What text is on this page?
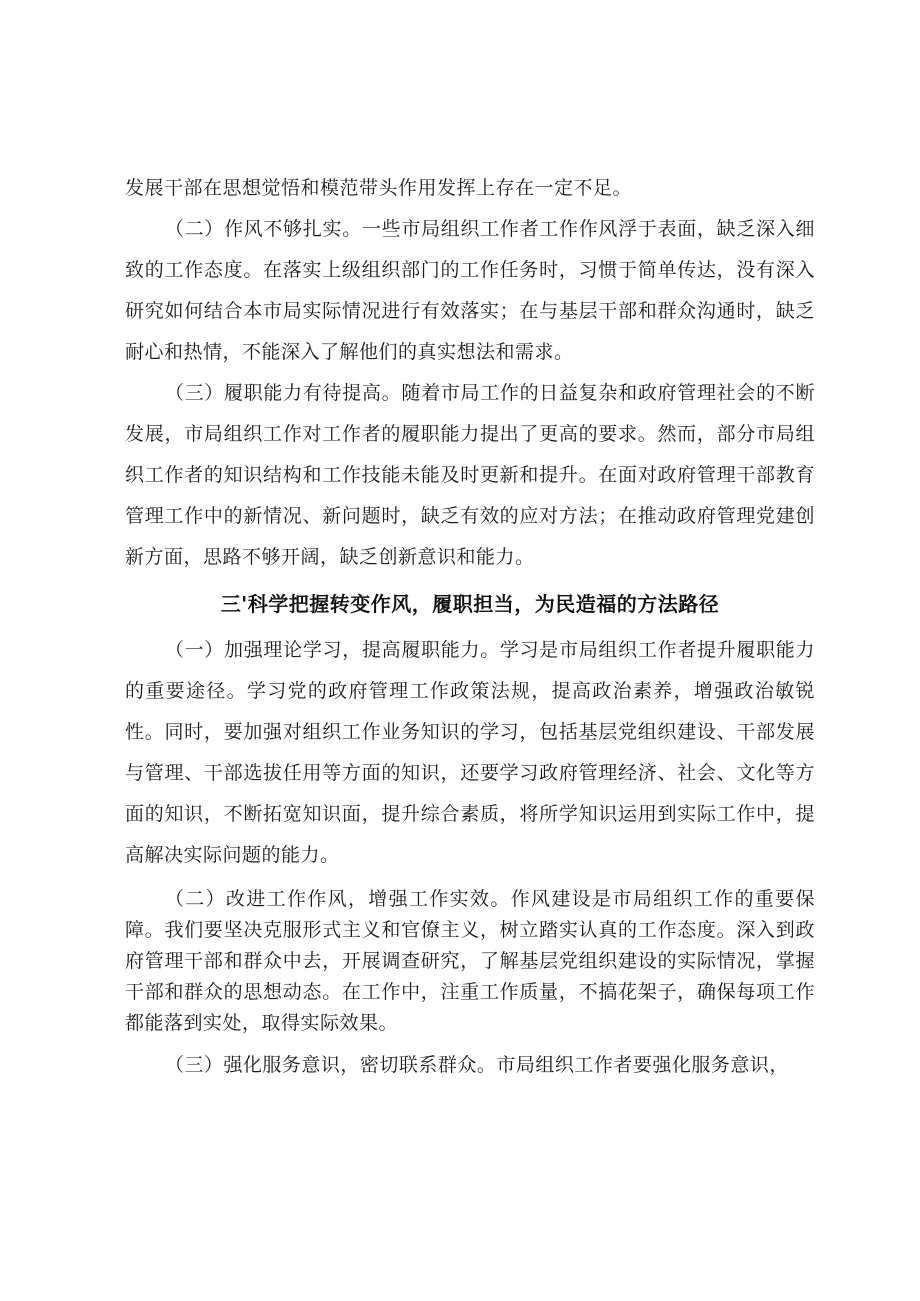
发展干部在思想觉悟和模范带头作用发挥上存在一定不足。

（二）作风不够扎实。一些市局组织工作者工作作风浮于表面，缺乏深入细致的工作态度。在落实上级组织部门的工作任务时，习惯于简单传达，没有深入研究如何结合本市局实际情况进行有效落实；在与基层干部和群众沟通时，缺乏耐心和热情，不能深入了解他们的真实想法和需求。

（三）履职能力有待提高。随着市局工作的日益复杂和政府管理社会的不断发展，市局组织工作对工作者的履职能力提出了更高的要求。然而，部分市局组织工作者的知识结构和工作技能未能及时更新和提升。在面对政府管理干部教育管理工作中的新情况、新问题时，缺乏有效的应对方法；在推动政府管理党建创新方面，思路不够开阔，缺乏创新意识和能力。

三'科学把握转变作风，履职担当，为民造福的方法路径

（一）加强理论学习，提高履职能力。学习是市局组织工作者提升履职能力的重要途径。学习党的政府管理工作政策法规，提高政治素养，增强政治敏锐性。同时，要加强对组织工作业务知识的学习，包括基层党组织建设、干部发展与管理、干部选拔任用等方面的知识，还要学习政府管理经济、社会、文化等方面的知识，不断拓宽知识面，提升综合素质，将所学知识运用到实际工作中，提高解决实际问题的能力。

（二）改进工作作风，增强工作实效。作风建设是市局组织工作的重要保障。我们要坚决克服形式主义和官僚主义，树立踏实认真的工作态度。深入到政府管理干部和群众中去，开展调查研究，了解基层党组织建设的实际情况，掌握干部和群众的思想动态。在工作中，注重工作质量，不搞花架子，确保每项工作都能落到实处，取得实际效果。

（三）强化服务意识，密切联系群众。市局组织工作者要强化服务意识，
